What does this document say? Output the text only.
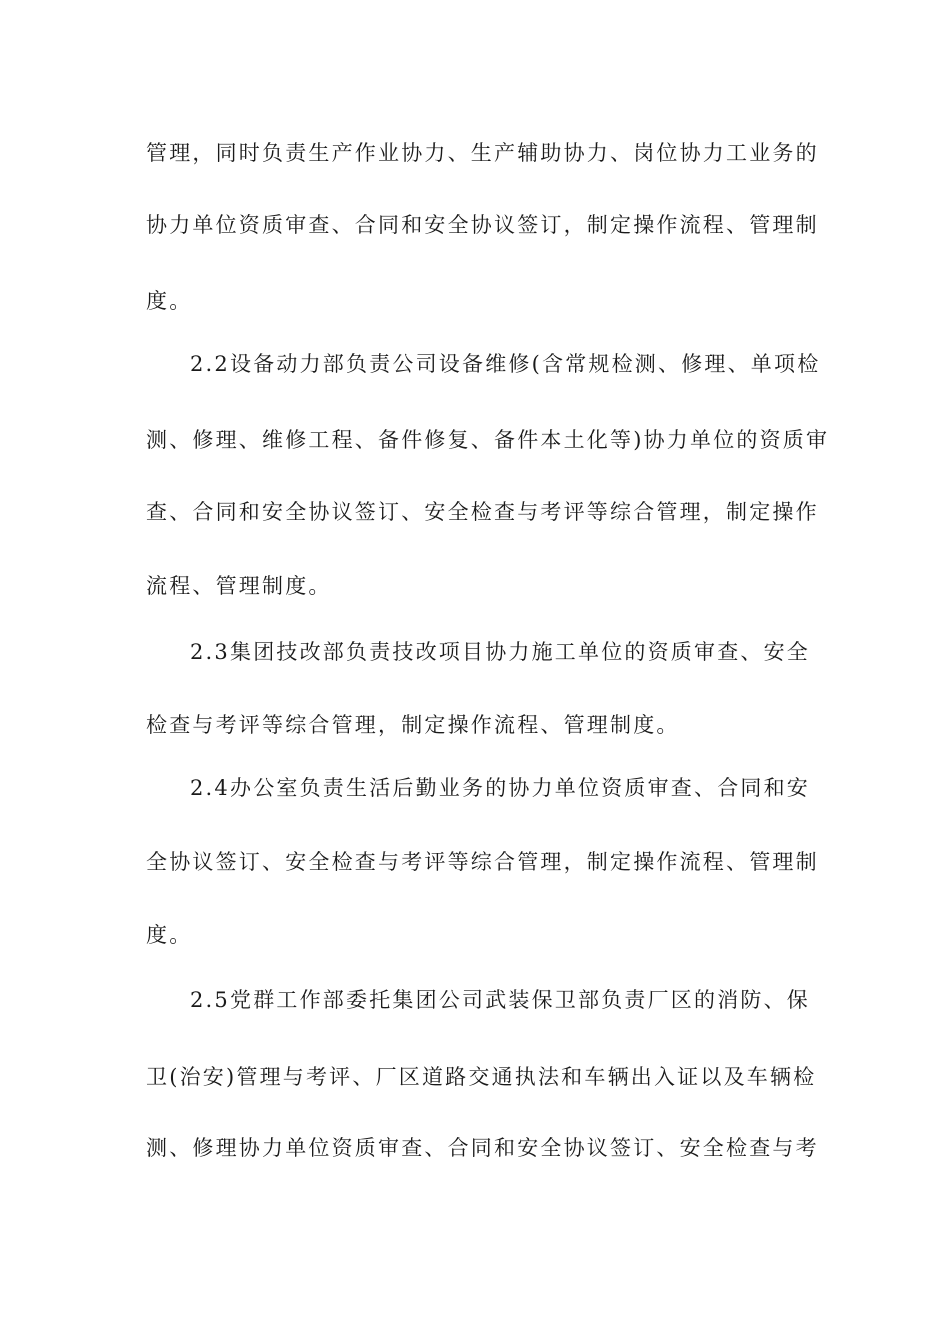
管理，同时负责生产作业协力、生产辅助协力、岗位协力工业务的
协力单位资质审查、合同和安全协议签订，制定操作流程、管理制
度。
2.2设备动力部负责公司设备维修(含常规检测、修理、单项检
测、修理、维修工程、备件修复、备件本土化等)协力单位的资质审
查、合同和安全协议签订、安全检查与考评等综合管理，制定操作
流程、管理制度。
2.3集团技改部负责技改项目协力施工单位的资质审查、安全
检查与考评等综合管理，制定操作流程、管理制度。
2.4办公室负责生活后勤业务的协力单位资质审查、合同和安
全协议签订、安全检查与考评等综合管理，制定操作流程、管理制
度。
2.5党群工作部委托集团公司武装保卫部负责厂区的消防、保
卫(治安)管理与考评、厂区道路交通执法和车辆出入证以及车辆检
测、修理协力单位资质审查、合同和安全协议签订、安全检查与考
